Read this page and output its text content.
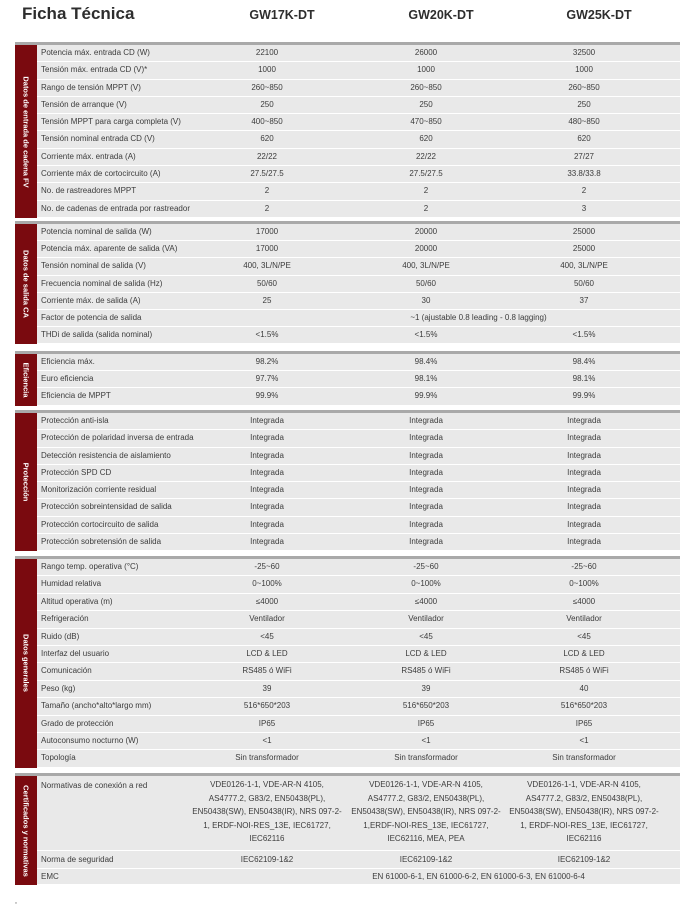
Ficha Técnica	GW17K-DT	GW20K-DT	GW25K-DT
Datos de entrada de cadena FV
Potencia máx. entrada CD (W)	22100	26000	32500
Tensión máx. entrada CD (V)*	1000	1000	1000
Rango de tensión MPPT (V)	260~850	260~850	260~850
Tensión de arranque (V)	250	250	250
Tensión MPPT para carga completa (V)	400~850	470~850	480~850
Tensión nominal entrada CD (V)	620	620	620
Corriente máx. entrada (A)	22/22	22/22	27/27
Corriente máx de cortocircuito (A)	27.5/27.5	27.5/27.5	33.8/33.8
No. de rastreadores MPPT	2	2	2
No. de cadenas de entrada por rastreador	2	2	3
Datos de salida CA
Potencia nominal de salida (W)	17000	20000	25000
Potencia máx. aparente de salida (VA)	17000	20000	25000
Tensión nominal de salida (V)	400, 3L/N/PE	400, 3L/N/PE	400, 3L/N/PE
Frecuencia nominal de salida (Hz)	50/60	50/60	50/60
Corriente máx. de salida (A)	25	30	37
Factor de potencia de salida	~1 (ajustable 0.8 leading - 0.8 lagging)
THDi de salida (salida nominal)	<1.5%	<1.5%	<1.5%
Eficiencia
Eficiencia máx.	98.2%	98.4%	98.4%
Euro eficiencia	97.7%	98.1%	98.1%
Eficiencia de MPPT	99.9%	99.9%	99.9%
Protección
Protección anti-isla	Integrada	Integrada	Integrada
Protección de polaridad inversa de entrada	Integrada	Integrada	Integrada
Detección resistencia de aislamiento	Integrada	Integrada	Integrada
Protección SPD CD	Integrada	Integrada	Integrada
Monitorización corriente residual	Integrada	Integrada	Integrada
Protección sobreintensidad de salida	Integrada	Integrada	Integrada
Protección cortocircuito de salida	Integrada	Integrada	Integrada
Protección sobretensión de salida	Integrada	Integrada	Integrada
Datos generales
Rango temp. operativa (°C)	-25~60	-25~60	-25~60
Humidad relativa	0~100%	0~100%	0~100%
Altitud operativa (m)	≤4000	≤4000	≤4000
Refrigeración	Ventilador	Ventilador	Ventilador
Ruido (dB)	<45	<45	<45
Interfaz del usuario	LCD & LED	LCD & LED	LCD & LED
Comunicación	RS485 ó WiFi	RS485 ó WiFi	RS485 ó WiFi
Peso (kg)	39	39	40
Tamaño (ancho*alto*largo mm)	516*650*203	516*650*203	516*650*203
Grado de protección	IP65	IP65	IP65
Autoconsumo nocturno (W)	<1	<1	<1
Topología	Sin transformador	Sin transformador	Sin transformador
Certificados y normativas Normativas de conexión a red	VDE0126-1-1, VDE-AR-N 4105, AS4777.2, G83/2, EN50438(PL), EN50438(SW), EN50438(IR), NRS 097-2-1, ERDF-NOI-RES_13E, IEC61727, IEC62116
VDE0126-1-1, VDE-AR-N 4105, AS4777.2, G83/2, EN50438(PL), EN50438(SW), EN50438(IR), NRS 097-2-1,ERDF-NOI-RES_13E, IEC61727, IEC62116, MEA, PEA
VDE0126-1-1, VDE-AR-N 4105, AS4777.2, G83/2, EN50438(PL), EN50438(SW), EN50438(IR), NRS 097-2-1, ERDF-NOI-RES_13E, IEC61727, IEC62116
Norma de seguridad	IEC62109-1&2	IEC62109-1&2	IEC62109-1&2
EMC	EN 61000-6-1, EN 61000-6-2, EN 61000-6-3, EN 61000-6-4
*
